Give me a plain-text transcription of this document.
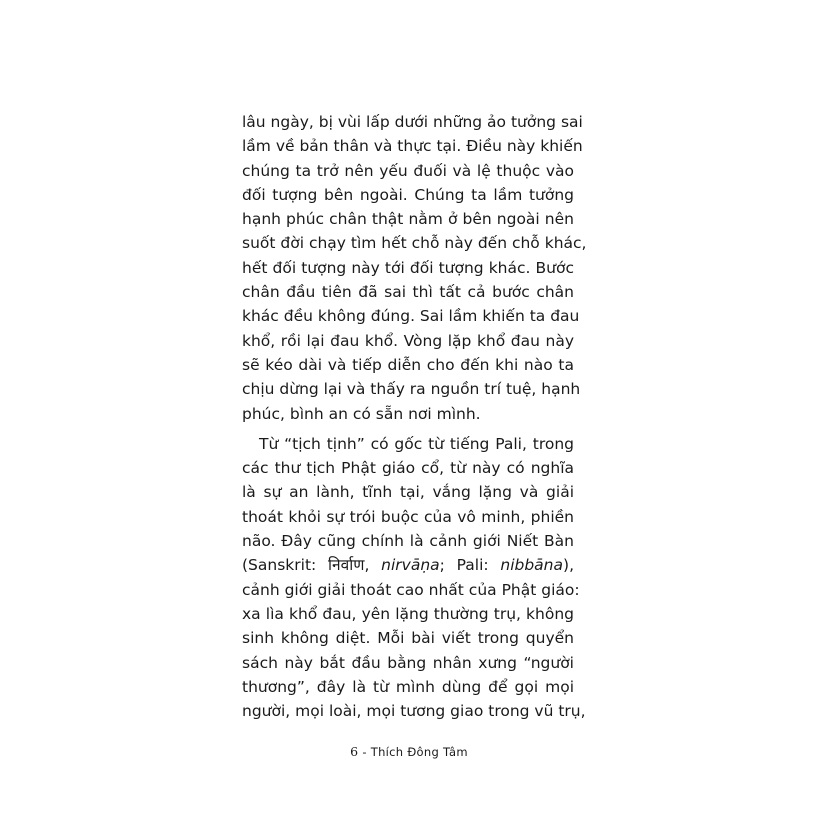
lâu ngày, bị vùi lấp dưới những ảo tưởng sai
lầm về bản thân và thực tại. Điều này khiến
chúng ta trở nên yếu đuối và lệ thuộc vào
đối tượng bên ngoài. Chúng ta lầm tưởng
hạnh phúc chân thật nằm ở bên ngoài nên
suốt đời chạy tìm hết chỗ này đến chỗ khác,
hết đối tượng này tới đối tượng khác. Bước
chân đầu tiên đã sai thì tất cả bước chân
khác đều không đúng. Sai lầm khiến ta đau
khổ, rồi lại đau khổ. Vòng lặp khổ đau này
sẽ kéo dài và tiếp diễn cho đến khi nào ta
chịu dừng lại và thấy ra nguồn trí tuệ, hạnh
phúc, bình an có sẵn nơi mình.
Từ “tịch tịnh” có gốc từ tiếng Pali, trong
các thư tịch Phật giáo cổ, từ này có nghĩa
là sự an lành, tĩnh tại, vắng lặng và giải
thoát khỏi sự trói buộc của vô minh, phiền
não. Đây cũng chính là cảnh giới Niết Bàn
(Sanskrit: निर्वाण, nirvāṇa; Pali: nibbāna),
cảnh giới giải thoát cao nhất của Phật giáo:
xa lìa khổ đau, yên lặng thường trụ, không
sinh không diệt. Mỗi bài viết trong quyển
sách này bắt đầu bằng nhân xưng “người
thương”, đây là từ mình dùng để gọi mọi
người, mọi loài, mọi tương giao trong vũ trụ,
6 - Thích Đông Tâm
